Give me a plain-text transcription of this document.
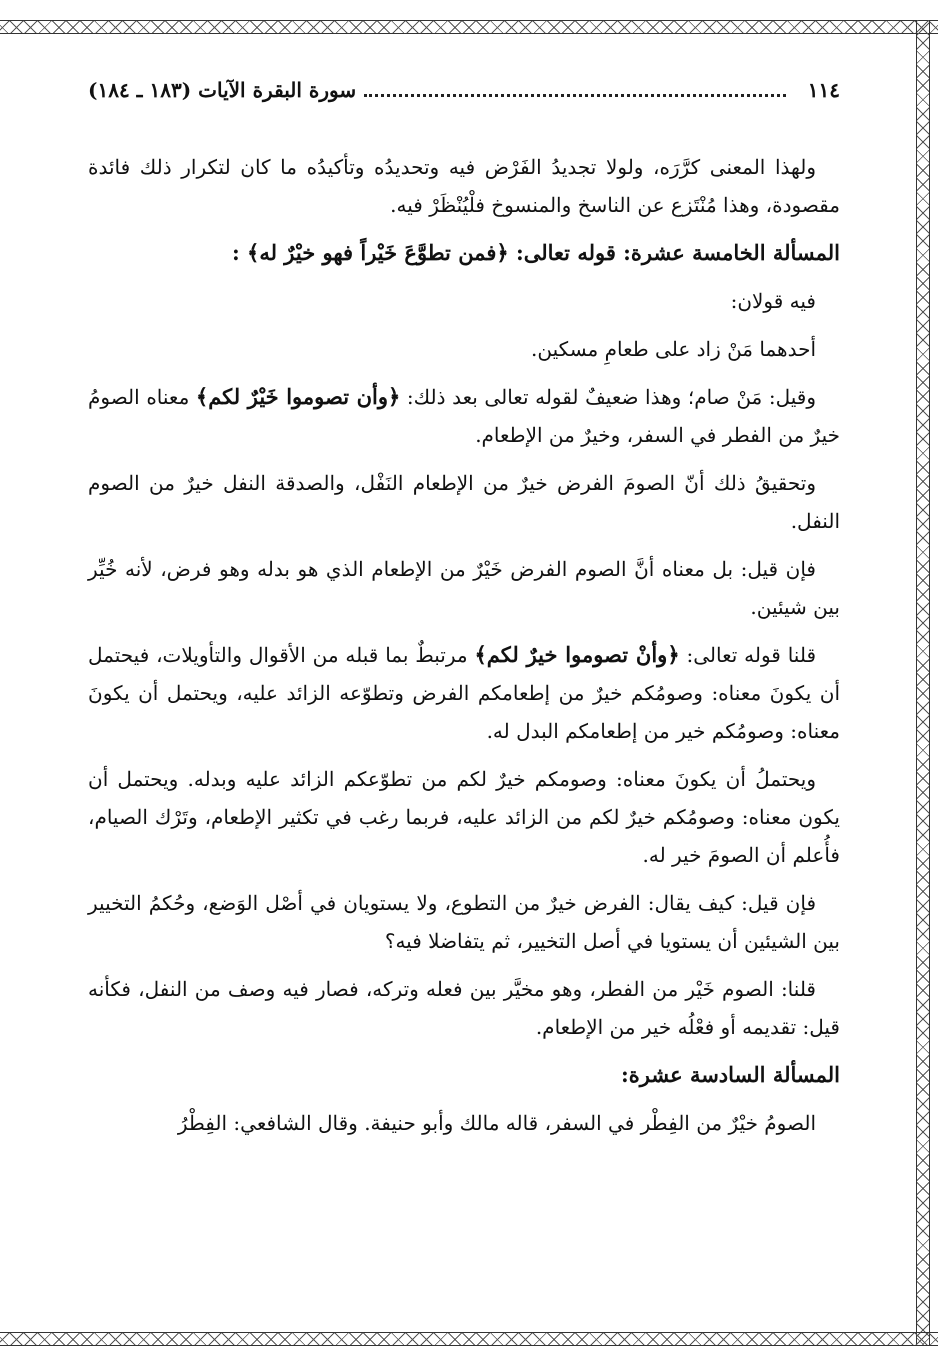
١١٤
سورة البقرة الآيات (١٨٣ ـ ١٨٤)

ولهذا المعنى كرَّرَه، ولولا تجديدُ الفَرْض فيه وتحديدُه وتأكيدُه ما كان لتكرار ذلك فائدة مقصودة، وهذا مُنْتَزع عن الناسخ والمنسوخ فلْيُنْظَرْ فيه.

المسألة الخامسة عشرة: قوله تعالى: ﴿فمن تطوَّعَ خَيْراً فهو خيْرٌ له﴾ :

فيه قولان:

أحدهما مَنْ زاد على طعامِ مسكين.

وقيل: مَنْ صام؛ وهذا ضعيفٌ لقوله تعالى بعد ذلك: ﴿وأن تصوموا خَيْرٌ لكم﴾ معناه الصومُ خيرٌ من الفطر في السفر، وخيرٌ من الإطعام.

وتحقيقُ ذلك أنّ الصومَ الفرض خيرٌ من الإطعام النَفْل، والصدقة النفل خيرٌ من الصوم النفل.

فإن قيل: بل معناه أنَّ الصوم الفرض خَيْرٌ من الإطعام الذي هو بدله وهو فرض، لأنه خُيِّر بين شيئين.

قلنا قوله تعالى: ﴿وأنْ تصوموا خيرٌ لكم﴾ مرتبطٌ بما قبله من الأقوال والتأويلات، فيحتمل أن يكونَ معناه: وصومُكم خيرٌ من إطعامكم الفرض وتطوّعه الزائد عليه، ويحتمل أن يكونَ معناه: وصومُكم خير من إطعامكم البدل له.

ويحتملُ أن يكونَ معناه: وصومكم خيرٌ لكم من تطوّعكم الزائد عليه وبدله. ويحتمل أن يكون معناه: وصومُكم خيرٌ لكم من الزائد عليه، فربما رغب في تكثير الإطعام، وتَرْك الصيام، فأُعلم أن الصومَ خير له.

فإن قيل: كيف يقال: الفرض خيرٌ من التطوع، ولا يستويان في أصْل الوَضع، وحُكمُ التخيير بين الشيئين أن يستويا في أصل التخيير، ثم يتفاضلا فيه؟

قلنا: الصوم خَيْر من الفطر، وهو مخيَّر بين فعله وتركه، فصار فيه وصف من النفل، فكأنه قيل: تقديمه أو فعْلُه خير من الإطعام.

المسألة السادسة عشرة:

الصومُ خيْرٌ من الفِطْر في السفر، قاله مالك وأبو حنيفة. وقال الشافعي: الفِطْرُ
